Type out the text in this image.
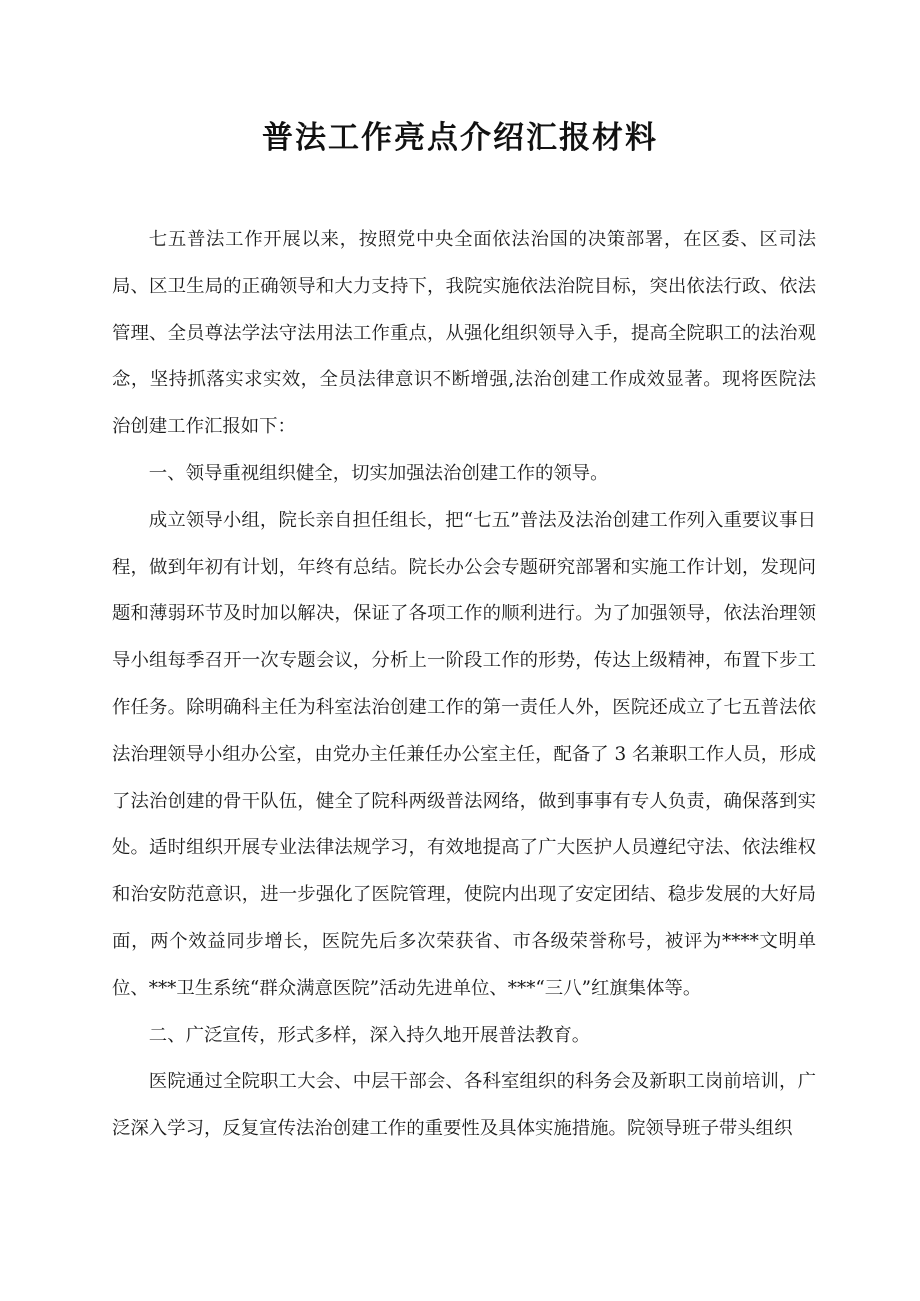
普法工作亮点介绍汇报材料

七五普法工作开展以来，按照党中央全面依法治国的决策部署，在区委、区司法局、区卫生局的正确领导和大力支持下，我院实施依法治院目标，突出依法行政、依法管理、全员尊法学法守法用法工作重点，从强化组织领导入手，提高全院职工的法治观念，坚持抓落实求实效，全员法律意识不断增强,法治创建工作成效显著。现将医院法治创建工作汇报如下：

一、领导重视组织健全，切实加强法治创建工作的领导。

成立领导小组，院长亲自担任组长，把“七五”普法及法治创建工作列入重要议事日程，做到年初有计划，年终有总结。院长办公会专题研究部署和实施工作计划，发现问题和薄弱环节及时加以解决，保证了各项工作的顺利进行。为了加强领导，依法治理领导小组每季召开一次专题会议，分析上一阶段工作的形势，传达上级精神，布置下步工作任务。除明确科主任为科室法治创建工作的第一责任人外，医院还成立了七五普法依法治理领导小组办公室，由党办主任兼任办公室主任，配备了 3 名兼职工作人员，形成了法治创建的骨干队伍，健全了院科两级普法网络，做到事事有专人负责，确保落到实处。适时组织开展专业法律法规学习，有效地提高了广大医护人员遵纪守法、依法维权和治安防范意识，进一步强化了医院管理，使院内出现了安定团结、稳步发展的大好局面，两个效益同步增长，医院先后多次荣获省、市各级荣誉称号，被评为****文明单位、***卫生系统“群众满意医院”活动先进单位、***“三八”红旗集体等。

二、广泛宣传，形式多样，深入持久地开展普法教育。

医院通过全院职工大会、中层干部会、各科室组织的科务会及新职工岗前培训，广泛深入学习，反复宣传法治创建工作的重要性及具体实施措施。院领导班子带头组织
